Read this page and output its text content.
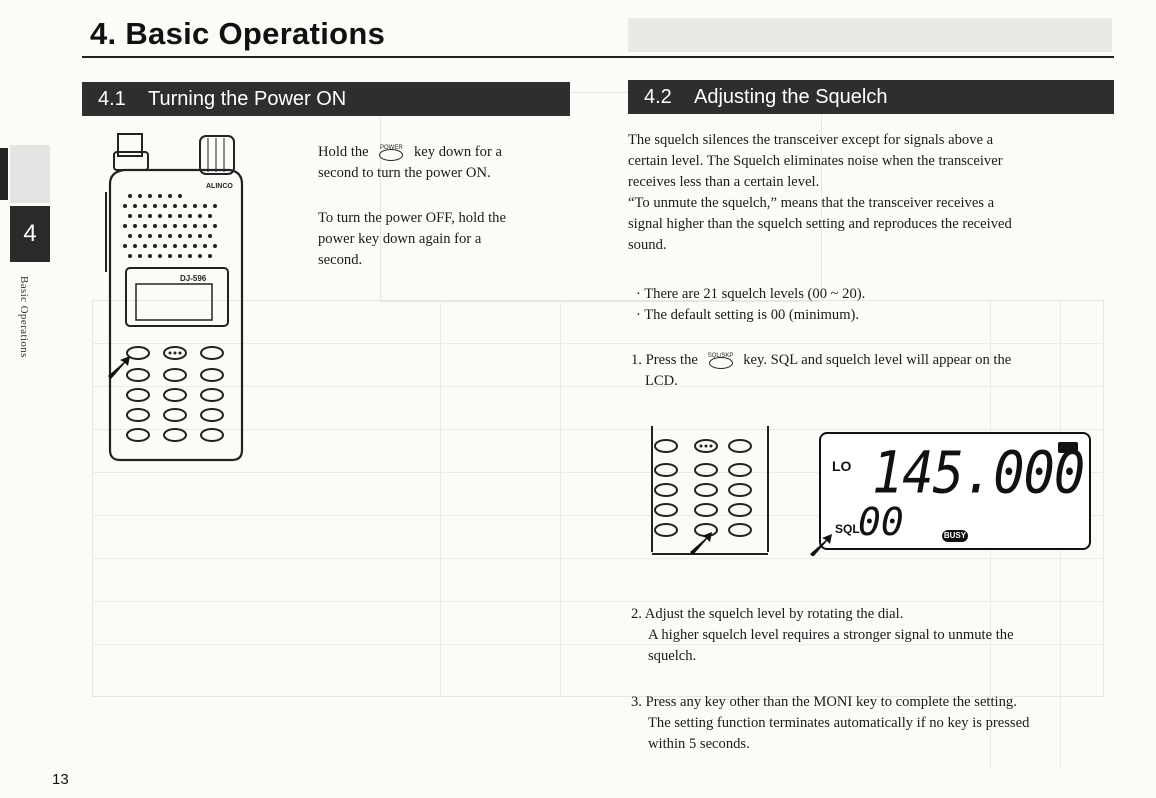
4. Basic Operations
4
Basic Operations
13
4.1 Turning the Power ON
ALINCO
DJ-596
Hold the	POWER key down for a
second to turn the power ON.
To turn the power OFF, hold the
power key down again for a
second.
4.2 Adjusting the Squelch
The squelch silences the transceiver except for signals above a
certain level. The Squelch eliminates noise when the transceiver
receives less than a certain level.
“To unmute the squelch,” means that the transceiver receives a
signal higher than the squelch setting and reproduces the received
sound.
· There are 21 squelch levels (00 ~ 20).
· The default setting is 00 (minimum).
1. Press the	SQL/SKP key. SQL and squelch level will appear on the
LCD.
LO 145.000
SQL
00	BUSY
2. Adjust the squelch level by rotating the dial.
A higher squelch level requires a stronger signal to unmute the
squelch.
3. Press any key other than the MONI key to complete the setting.
The setting function terminates automatically if no key is pressed
within 5 seconds.
